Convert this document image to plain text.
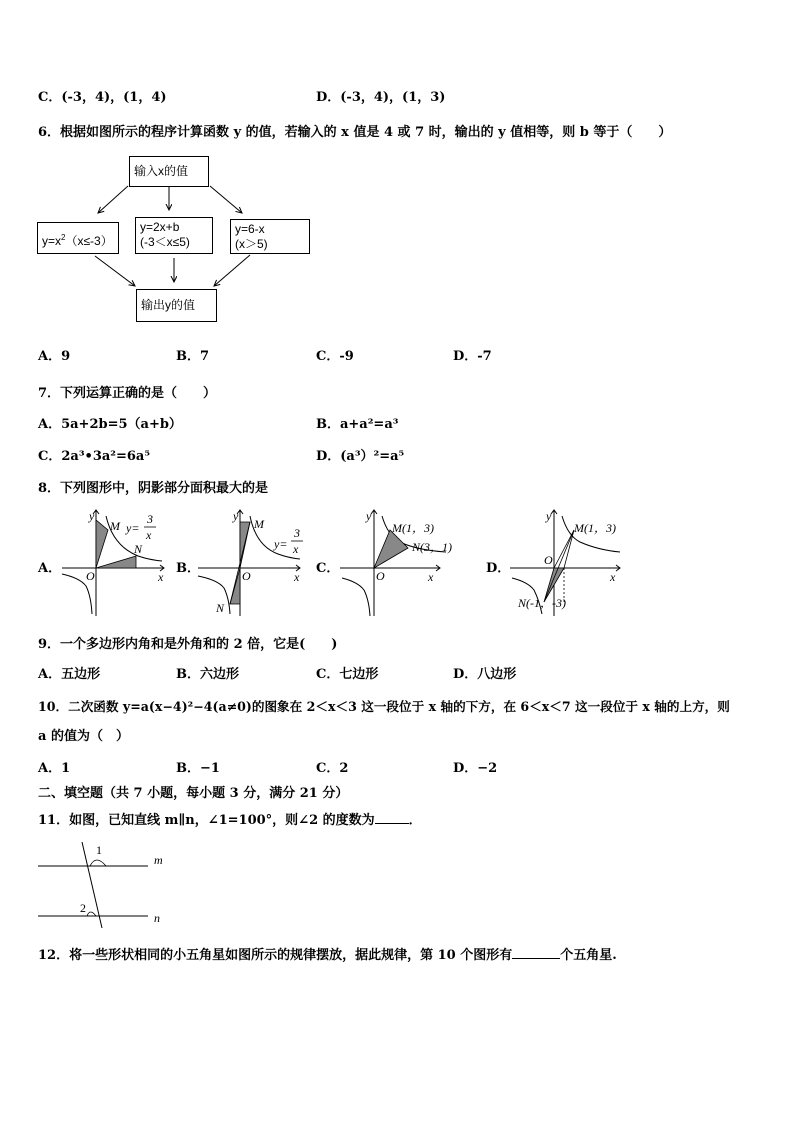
C．(-3，4)，(1，4)	D．(-3，4)，(1，3)
6．根据如图所示的程序计算函数 y 的值，若输入的 x 值是 4 或 7 时，输出的 y 值相等，则 b 等于（　　）
输入x的值
$y=x^2(x\le-3)$
y=2x+b
(-3＜x≤5)
y=6-x
(x＞5)
输出y的值
A．9	B．7	C．-9	D．-7
7．下列运算正确的是（　　）
A．5a+2b=5（a+b）	B．a+a²=a³
C．2a³•3a²=6a⁵	D．(a³）²=a⁵
8．下列图形中，阴影部分面积最大的是
A．	B．	C．	D．
y
x
O
M
N
y=
3
x
y
x
O
M
N
y=
3
x
y
x
O
M(1，3)
N(3，1)
y
x
O
M(1，3)
N(-1，-3)
9．一个多边形内角和是外角和的 2 倍，它是(　　)
A．五边形	B．六边形	C．七边形	D．八边形
10．二次函数 y=a(x−4)²−4(a≠0)的图象在 2＜x＜3 这一段位于 x 轴的下方，在 6＜x＜7 这一段位于 x 轴的上方，则
a 的值为（　）
A．1	B．−1	C．2	D．−2
二、填空题（共 7 小题，每小题 3 分，满分 21 分）
11．如图，已知直线 m∥n，∠1=100°，则∠2 的度数为	．
1
2
m
n
12．将一些形状相同的小五角星如图所示的规律摆放，据此规律，第 10 个图形有	个五角星.
